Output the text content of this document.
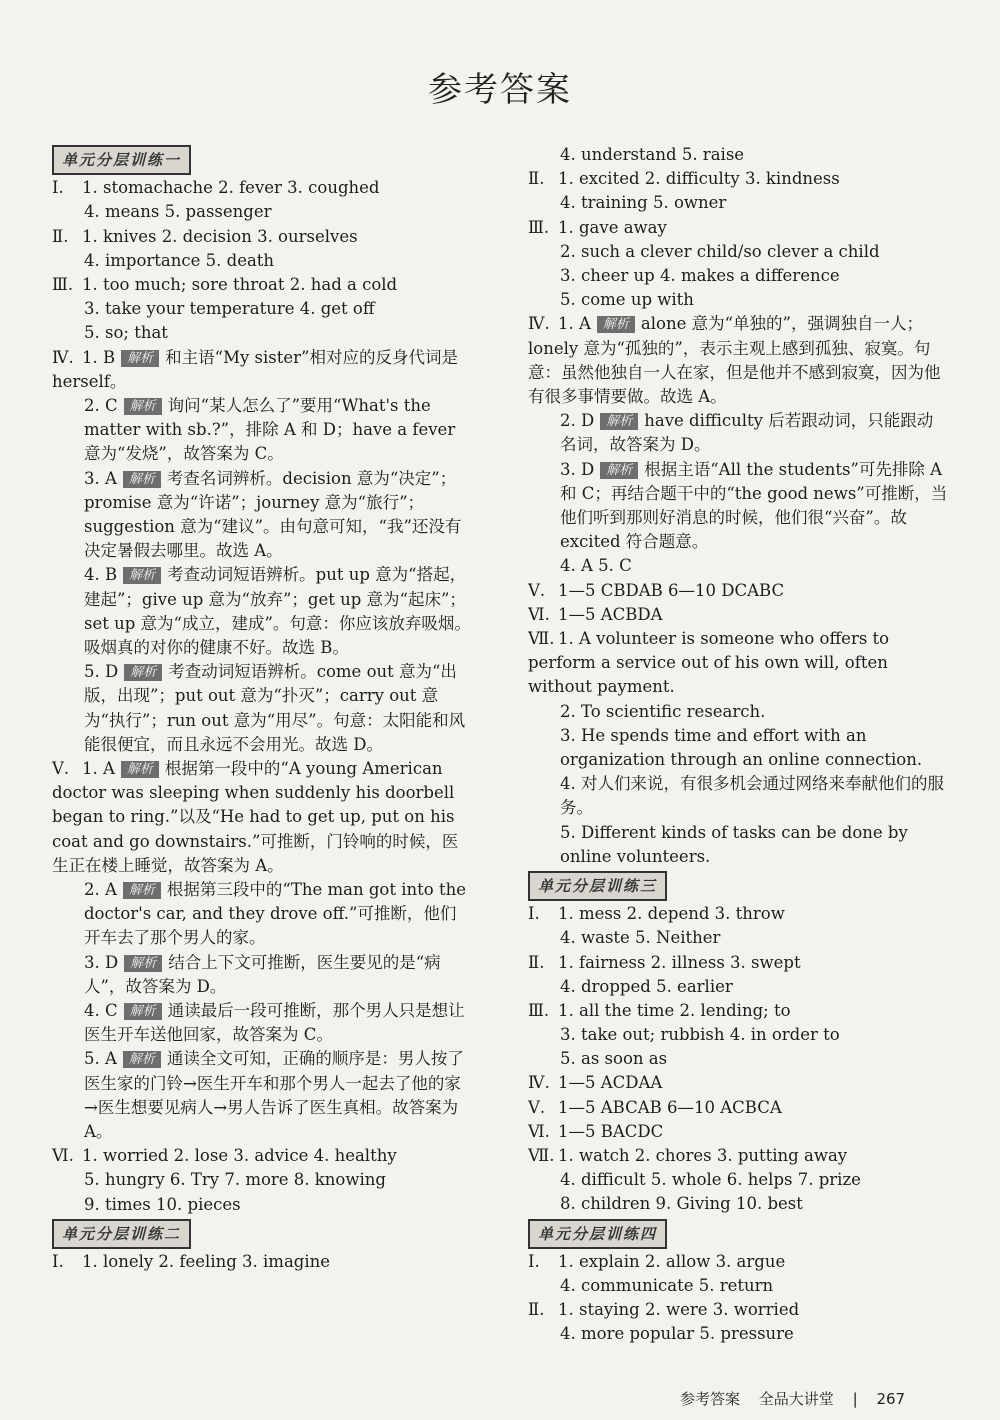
参考答案
单元分层训练一
Ⅰ. 1. stomachache 2. fever 3. coughed
4. means 5. passenger
Ⅱ. 1. knives 2. decision 3. ourselves
4. importance 5. death
Ⅲ. 1. too much; sore throat 2. had a cold
3. take your temperature 4. get off
5. so; that
Ⅳ. 1. B 解析 和主语“My sister”相对应的反身代词是 herself。
2. C 解析 询问“某人怎么了”要用“What's the matter with sb.?”，排除 A 和 D；have a fever 意为“发烧”，故答案为 C。
3. A 解析 考查名词辨析。decision 意为“决定”；promise 意为“许诺”；journey 意为“旅行”；suggestion 意为“建议”。由句意可知，“我”还没有决定暑假去哪里。故选 A。
4. B 解析 考查动词短语辨析。put up 意为“搭起，建起”；give up 意为“放弃”；get up 意为“起床”；set up 意为“成立，建成”。句意：你应该放弃吸烟。吸烟真的对你的健康不好。故选 B。
5. D 解析 考查动词短语辨析。come out 意为“出版，出现”；put out 意为“扑灭”；carry out 意为“执行”；run out 意为“用尽”。句意：太阳能和风能很便宜，而且永远不会用光。故选 D。
Ⅴ. 1. A 解析 根据第一段中的“A young American doctor was sleeping when suddenly his doorbell began to ring.”以及“He had to get up, put on his coat and go downstairs.”可推断，门铃响的时候，医生正在楼上睡觉，故答案为 A。
2. A 解析 根据第三段中的“The man got into the doctor's car, and they drove off.”可推断，他们开车去了那个男人的家。
3. D 解析 结合上下文可推断，医生要见的是“病人”，故答案为 D。
4. C 解析 通读最后一段可推断，那个男人只是想让医生开车送他回家，故答案为 C。
5. A 解析 通读全文可知，正确的顺序是：男人按了医生家的门铃→医生开车和那个男人一起去了他的家→医生想要见病人→男人告诉了医生真相。故答案为 A。
Ⅵ. 1. worried 2. lose 3. advice 4. healthy
5. hungry 6. Try 7. more 8. knowing
9. times 10. pieces
单元分层训练二
Ⅰ. 1. lonely 2. feeling 3. imagine
4. understand 5. raise
Ⅱ. 1. excited 2. difficulty 3. kindness
4. training 5. owner
Ⅲ. 1. gave away
2. such a clever child/so clever a child
3. cheer up 4. makes a difference
5. come up with
Ⅳ. 1. A 解析 alone 意为“单独的”，强调独自一人；lonely 意为“孤独的”，表示主观上感到孤独、寂寞。句意：虽然他独自一人在家，但是他并不感到寂寞，因为他有很多事情要做。故选 A。
2. D 解析 have difficulty 后若跟动词，只能跟动名词，故答案为 D。
3. D 解析 根据主语“All the students”可先排除 A 和 C；再结合题干中的“the good news”可推断，当他们听到那则好消息的时候，他们很“兴奋”。故 excited 符合题意。
4. A 5. C
Ⅴ. 1—5 CBDAB 6—10 DCABC
Ⅵ. 1—5 ACBDA
Ⅶ. 1. A volunteer is someone who offers to perform a service out of his own will, often without payment.
2. To scientific research.
3. He spends time and effort with an organization through an online connection.
4. 对人们来说，有很多机会通过网络来奉献他们的服务。
5. Different kinds of tasks can be done by online volunteers.
单元分层训练三
Ⅰ. 1. mess 2. depend 3. throw
4. waste 5. Neither
Ⅱ. 1. fairness 2. illness 3. swept
4. dropped 5. earlier
Ⅲ. 1. all the time 2. lending; to
3. take out; rubbish 4. in order to
5. as soon as
Ⅳ. 1—5 ACDAA
Ⅴ. 1—5 ABCAB 6—10 ACBCA
Ⅵ. 1—5 BACDC
Ⅶ. 1. watch 2. chores 3. putting away
4. difficult 5. whole 6. helps 7. prize
8. children 9. Giving 10. best
单元分层训练四
Ⅰ. 1. explain 2. allow 3. argue
4. communicate 5. return
Ⅱ. 1. staying 2. were 3. worried
4. more popular 5. pressure
参考答案 全品大讲堂 | 267
